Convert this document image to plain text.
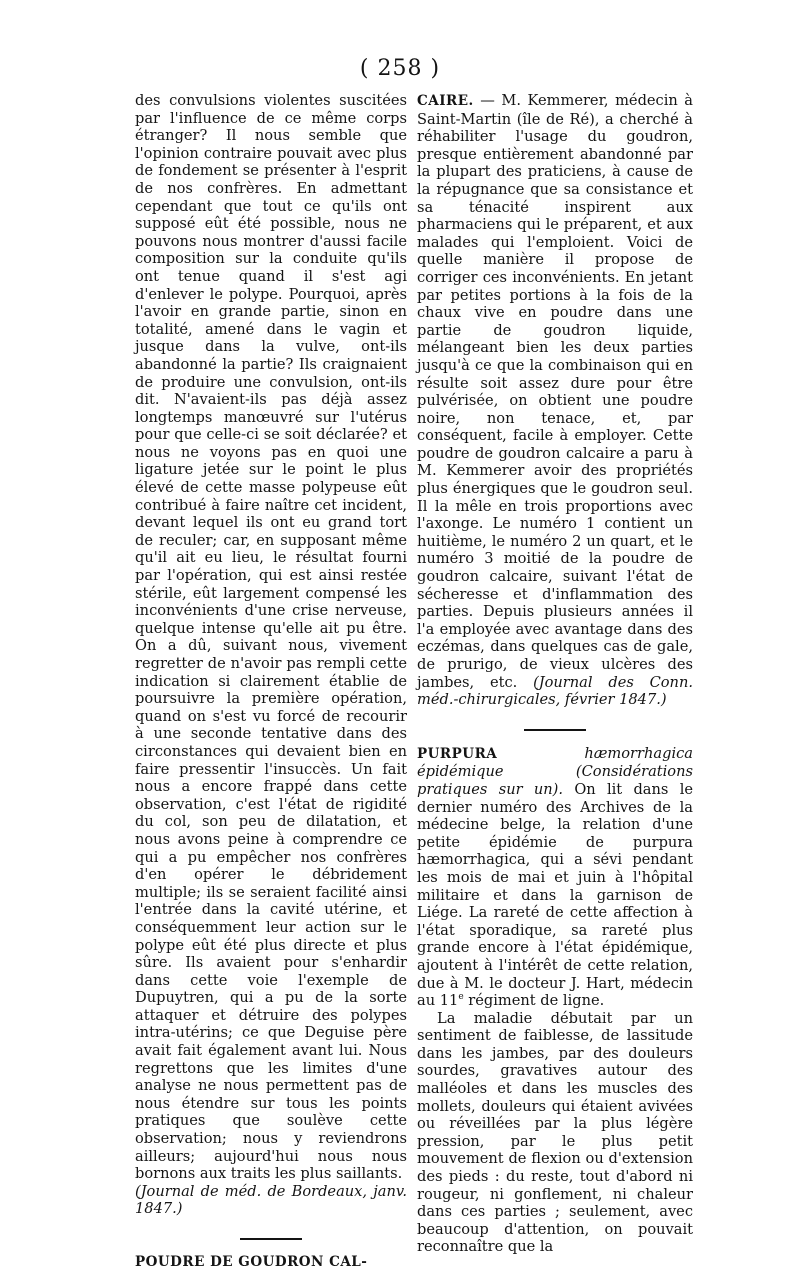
( 258 )

des convulsions violentes suscitées par l'influence de ce même corps étranger? Il nous semble que l'opinion contraire pouvait avec plus de fondement se présenter à l'esprit de nos confrères. En admettant cependant que tout ce qu'ils ont supposé eût été possible, nous ne pouvons nous montrer d'aussi facile composition sur la conduite qu'ils ont tenue quand il s'est agi d'enlever le polype. Pourquoi, après l'avoir en grande partie, sinon en totalité, amené dans le vagin et jusque dans la vulve, ont-ils abandonné la partie? Ils craignaient de produire une convulsion, ont-ils dit. N'avaient-ils pas déjà assez longtemps manœuvré sur l'utérus pour que celle-ci se soit déclarée? et nous ne voyons pas en quoi une ligature jetée sur le point le plus élevé de cette masse polypeuse eût contribué à faire naître cet incident, devant lequel ils ont eu grand tort de reculer; car, en supposant même qu'il ait eu lieu, le résultat fourni par l'opération, qui est ainsi restée stérile, eût largement compensé les inconvénients d'une crise nerveuse, quelque intense qu'elle ait pu être. On a dû, suivant nous, vivement regretter de n'avoir pas rempli cette indication si clairement établie de poursuivre la première opération, quand on s'est vu forcé de recourir à une seconde tentative dans des circonstances qui devaient bien en faire pressentir l'insuccès. Un fait nous a encore frappé dans cette observation, c'est l'état de rigidité du col, son peu de dilatation, et nous avons peine à comprendre ce qui a pu empêcher nos confrères d'en opérer le débridement multiple; ils se seraient facilité ainsi l'entrée dans la cavité utérine, et conséquemment leur action sur le polype eût été plus directe et plus sûre. Ils avaient pour s'enhardir dans cette voie l'exemple de Dupuytren, qui a pu de la sorte attaquer et détruire des polypes intra-utérins; ce que Deguise père avait fait également avant lui. Nous regrettons que les limites d'une analyse ne nous permettent pas de nous étendre sur tous les points pratiques que soulève cette observation; nous y reviendrons ailleurs; aujourd'hui nous nous bornons aux traits les plus saillants.

(Journal de méd. de Bordeaux, janv. 1847.)

POUDRE DE GOUDRON CAL-

CAIRE. — M. Kemmerer, médecin à Saint-Martin (île de Ré), a cherché à réhabiliter l'usage du goudron, presque entièrement abandonné par la plupart des praticiens, à cause de la répugnance que sa consistance et sa ténacité inspirent aux pharmaciens qui le préparent, et aux malades qui l'emploient. Voici de quelle manière il propose de corriger ces inconvénients. En jetant par petites portions à la fois de la chaux vive en poudre dans une partie de goudron liquide, mélangeant bien les deux parties jusqu'à ce que la combinaison qui en résulte soit assez dure pour être pulvérisée, on obtient une poudre noire, non tenace, et, par conséquent, facile à employer. Cette poudre de goudron calcaire a paru à M. Kemmerer avoir des propriétés plus énergiques que le goudron seul. Il la mêle en trois proportions avec l'axonge. Le numéro 1 contient un huitième, le numéro 2 un quart, et le numéro 3 moitié de la poudre de goudron calcaire, suivant l'état de sécheresse et d'inflammation des parties. Depuis plusieurs années il l'a employée avec avantage dans des eczémas, dans quelques cas de gale, de prurigo, de vieux ulcères des jambes, etc. (Journal des Conn. méd.-chirurgicales, février 1847.)

PURPURA	hæmorrhagica épidémique	(Considérations pratiques sur un). On lit dans le dernier numéro des Archives de la médecine belge, la relation d'une petite épidémie de purpura hæmorrhagica, qui a sévi pendant les mois de mai et juin à l'hôpital militaire et dans la garnison de Liége. La rareté de cette affection à l'état sporadique, sa rareté plus grande encore à l'état épidémique, ajoutent à l'intérêt de cette relation, due à M. le docteur J. Hart, médecin au 11e régiment de ligne.

La maladie débutait par un sentiment de faiblesse, de lassitude dans les jambes, par des douleurs sourdes, gravatives autour des malléoles et dans les muscles des mollets, douleurs qui étaient avivées ou réveillées par la plus légère pression, par le plus petit mouvement de flexion ou d'extension des pieds : du reste, tout d'abord ni rougeur, ni gonflement, ni chaleur dans ces parties ; seulement, avec beaucoup d'attention, on pouvait reconnaître que la
